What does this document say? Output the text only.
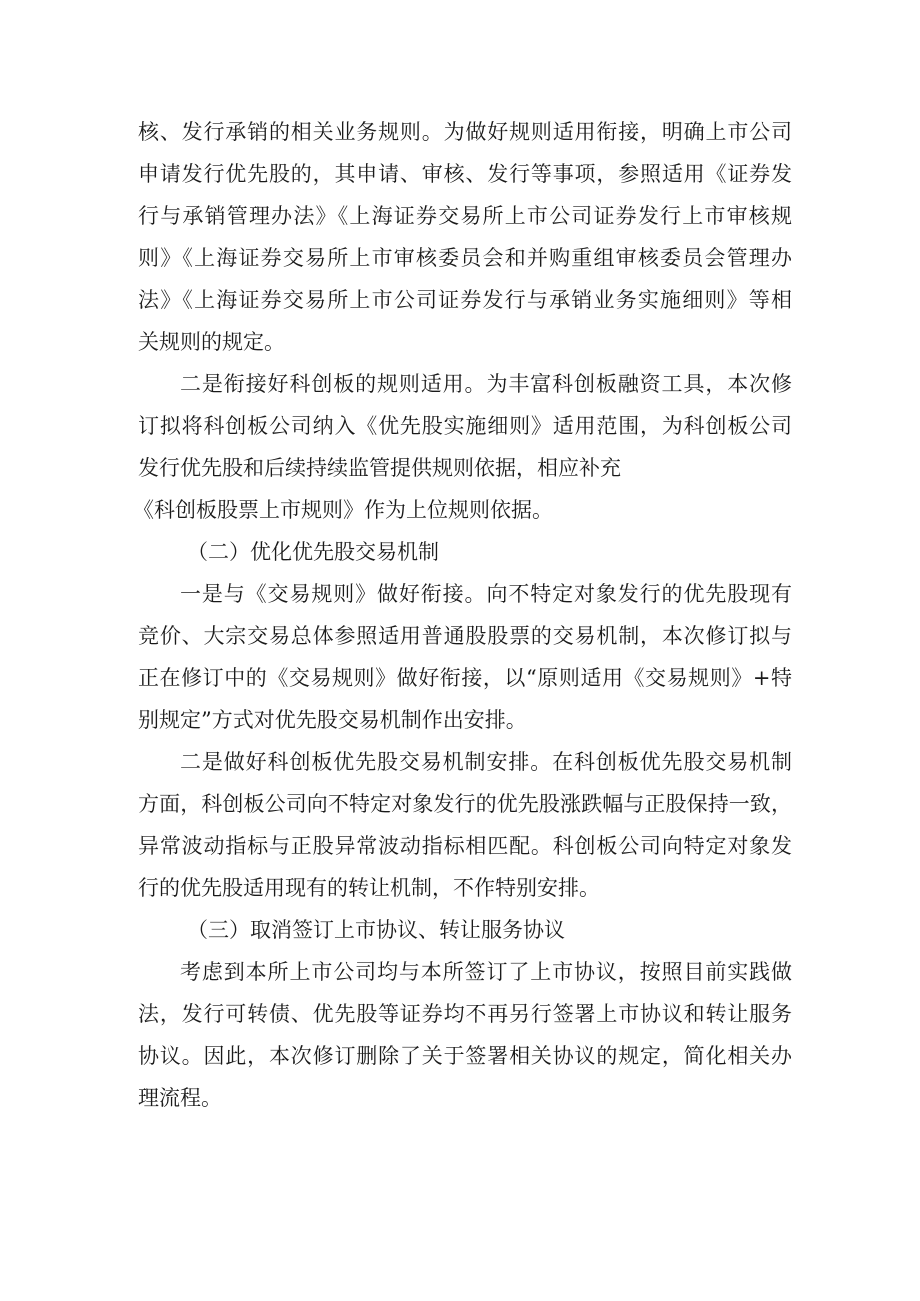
核、发行承销的相关业务规则。为做好规则适用衔接，明确上市公司
申请发行优先股的，其申请、审核、发行等事项，参照适用《证券发
行与承销管理办法》《上海证券交易所上市公司证券发行上市审核规
则》《上海证券交易所上市审核委员会和并购重组审核委员会管理办
法》《上海证券交易所上市公司证券发行与承销业务实施细则》等相
关规则的规定。
二是衔接好科创板的规则适用。为丰富科创板融资工具，本次修
订拟将科创板公司纳入《优先股实施细则》适用范围，为科创板公司
发行优先股和后续持续监管提供规则依据，相应补充
《科创板股票上市规则》作为上位规则依据。
（二）优化优先股交易机制
一是与《交易规则》做好衔接。向不特定对象发行的优先股现有
竞价、大宗交易总体参照适用普通股股票的交易机制，本次修订拟与
正在修订中的《交易规则》做好衔接，以“原则适用《交易规则》+特
别规定”方式对优先股交易机制作出安排。
二是做好科创板优先股交易机制安排。在科创板优先股交易机制
方面，科创板公司向不特定对象发行的优先股涨跌幅与正股保持一致，
异常波动指标与正股异常波动指标相匹配。科创板公司向特定对象发
行的优先股适用现有的转让机制，不作特别安排。
（三）取消签订上市协议、转让服务协议
考虑到本所上市公司均与本所签订了上市协议，按照目前实践做
法，发行可转债、优先股等证券均不再另行签署上市协议和转让服务
协议。因此，本次修订删除了关于签署相关协议的规定，简化相关办
理流程。
